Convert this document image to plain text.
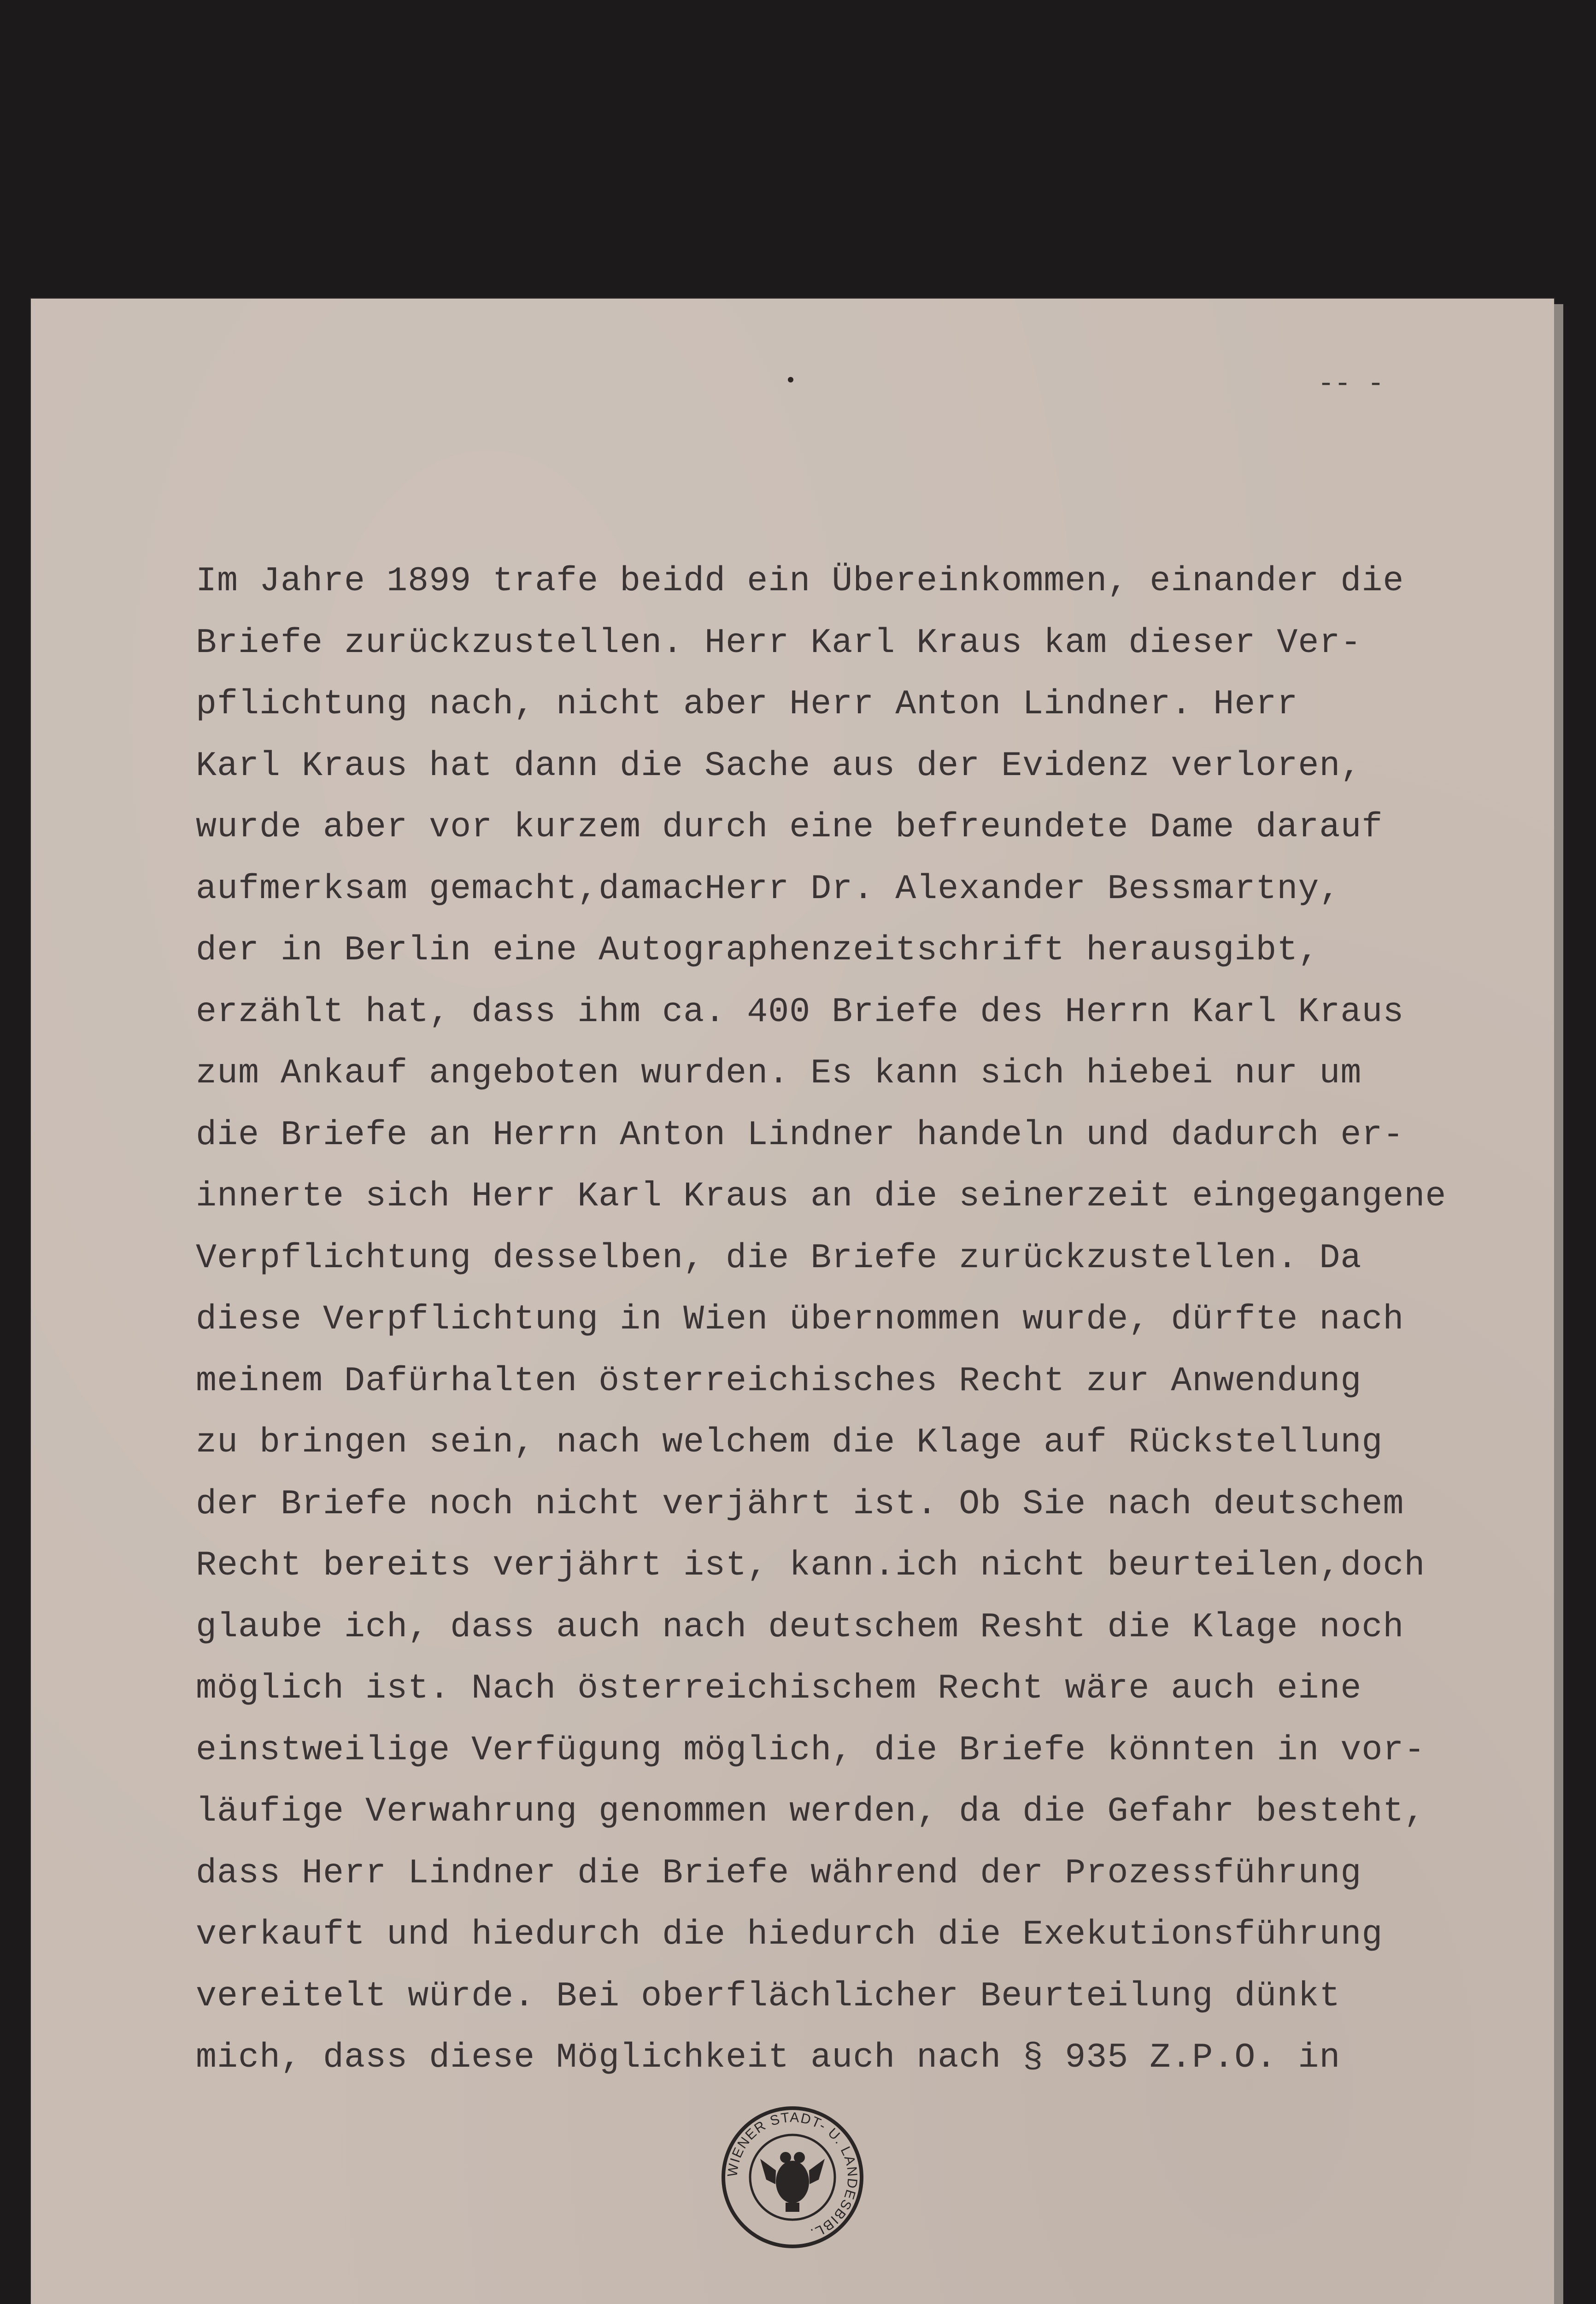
-- -
Im Jahre 1899 trafe beidd ein Übereinkommen, einander die
Briefe zurückzustellen. Herr Karl Kraus kam dieser Ver-
pflichtung nach, nicht aber Herr Anton Lindner. Herr
Karl Kraus hat dann die Sache aus der Evidenz verloren,
wurde aber vor kurzem durch eine befreundete Dame darauf
aufmerksam gemacht,damacHerr Dr. Alexander Bessmartny,
der in Berlin eine Autographenzeitschrift herausgibt,
erzählt hat, dass ihm ca. 400 Briefe des Herrn Karl Kraus
zum Ankauf angeboten wurden. Es kann sich hiebei nur um
die Briefe an Herrn Anton Lindner handeln und dadurch er-
innerte sich Herr Karl Kraus an die seinerzeit eingegangene
Verpflichtung desselben, die Briefe zurückzustellen. Da
diese Verpflichtung in Wien übernommen wurde, dürfte nach
meinem Dafürhalten österreichisches Recht zur Anwendung
zu bringen sein, nach welchem die Klage auf Rückstellung
der Briefe noch nicht verjährt ist. Ob Sie nach deutschem
Recht bereits verjährt ist, kann.ich nicht beurteilen,doch
glaube ich, dass auch nach deutschem Resht die Klage noch
möglich ist. Nach österreichischem Recht wäre auch eine
einstweilige Verfügung möglich, die Briefe könnten in vor-
läufige Verwahrung genommen werden, da die Gefahr besteht,
dass Herr Lindner die Briefe während der Prozessführung
verkauft und hiedurch die hiedurch die Exekutionsführung
vereitelt würde. Bei oberflächlicher Beurteilung dünkt
mich, dass diese Möglichkeit auch nach § 935 Z.P.O. in
WIENER STADT- U. LANDESBIBL.
